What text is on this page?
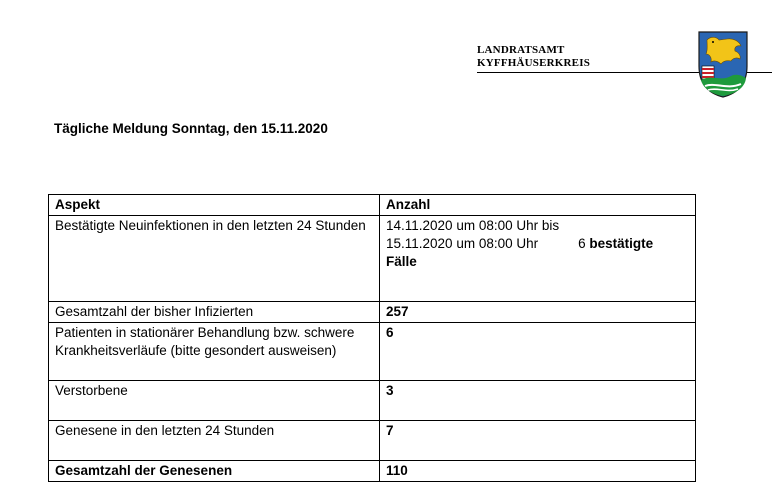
LANDRATSAMT
KYFFHÄUSERKREIS
Tägliche Meldung Sonntag, den 15.11.2020
Aspekt	Anzahl
Bestätigte Neuinfektionen in den letzten 24 Stunden	14.11.2020 um 08:00 Uhr bis
15.11.2020 um 08:00 Uhr 6 bestätigte
Fälle

Gesamtzahl der bisher Infizierten	257
Patienten in stationärer Behandlung bzw. schwere Krankheitsverläufe (bitte gesondert ausweisen)	6
Verstorbene	3
Genesene in den letzten 24 Stunden	7
Gesamtzahl der Genesenen	110
